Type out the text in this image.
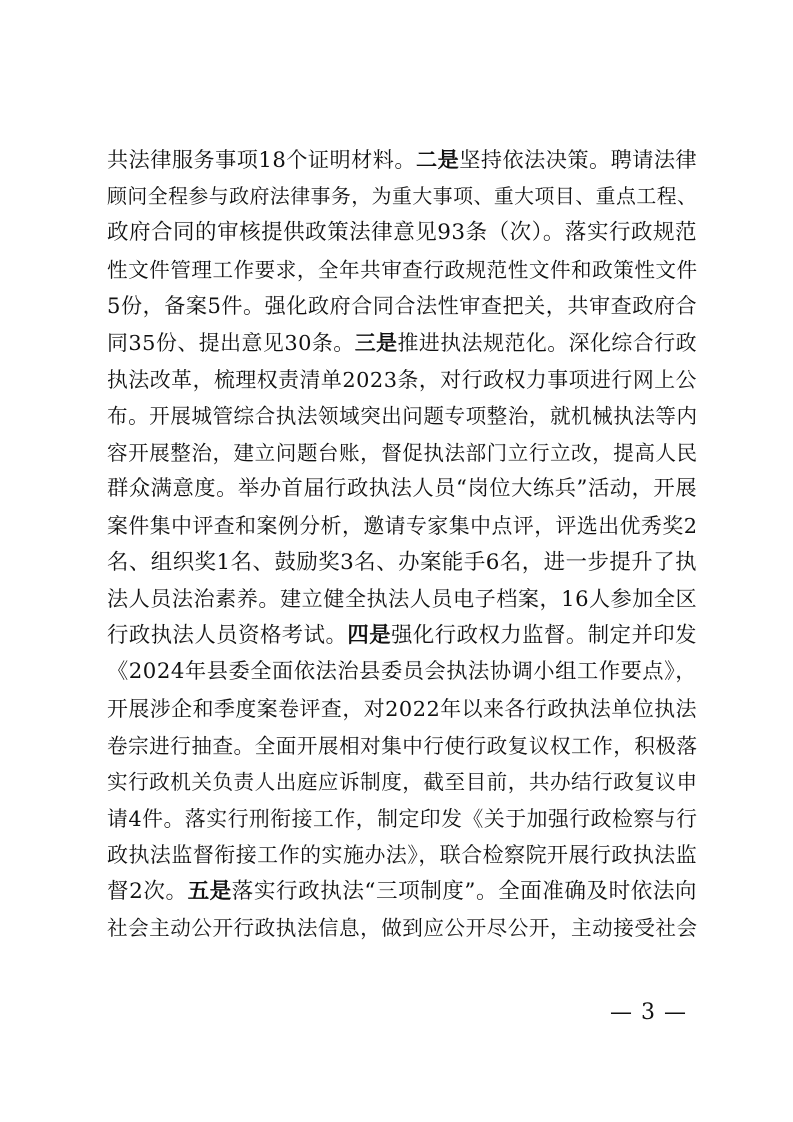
共法律服务事项18个证明材料。二是坚持依法决策。聘请法律
顾问全程参与政府法律事务，为重大事项、重大项目、重点工程、
政府合同的审核提供政策法律意见93条（次）。落实行政规范
性文件管理工作要求，全年共审查行政规范性文件和政策性文件
5份，备案5件。强化政府合同合法性审查把关，共审查政府合
同35份、提出意见30条。三是推进执法规范化。深化综合行政
执法改革，梳理权责清单2023条，对行政权力事项进行网上公
布。开展城管综合执法领域突出问题专项整治，就机械执法等内
容开展整治，建立问题台账，督促执法部门立行立改，提高人民
群众满意度。举办首届行政执法人员“岗位大练兵”活动，开展
案件集中评查和案例分析，邀请专家集中点评，评选出优秀奖2
名、组织奖1名、鼓励奖3名、办案能手6名，进一步提升了执
法人员法治素养。建立健全执法人员电子档案，16人参加全区
行政执法人员资格考试。四是强化行政权力监督。制定并印发
《2024年县委全面依法治县委员会执法协调小组工作要点》，
开展涉企和季度案卷评查，对2022年以来各行政执法单位执法
卷宗进行抽查。全面开展相对集中行使行政复议权工作，积极落
实行政机关负责人出庭应诉制度，截至目前，共办结行政复议申
请4件。落实行刑衔接工作，制定印发《关于加强行政检察与行
政执法监督衔接工作的实施办法》，联合检察院开展行政执法监
督2次。五是落实行政执法“三项制度”。全面准确及时依法向
社会主动公开行政执法信息，做到应公开尽公开，主动接受社会
— 3 —
